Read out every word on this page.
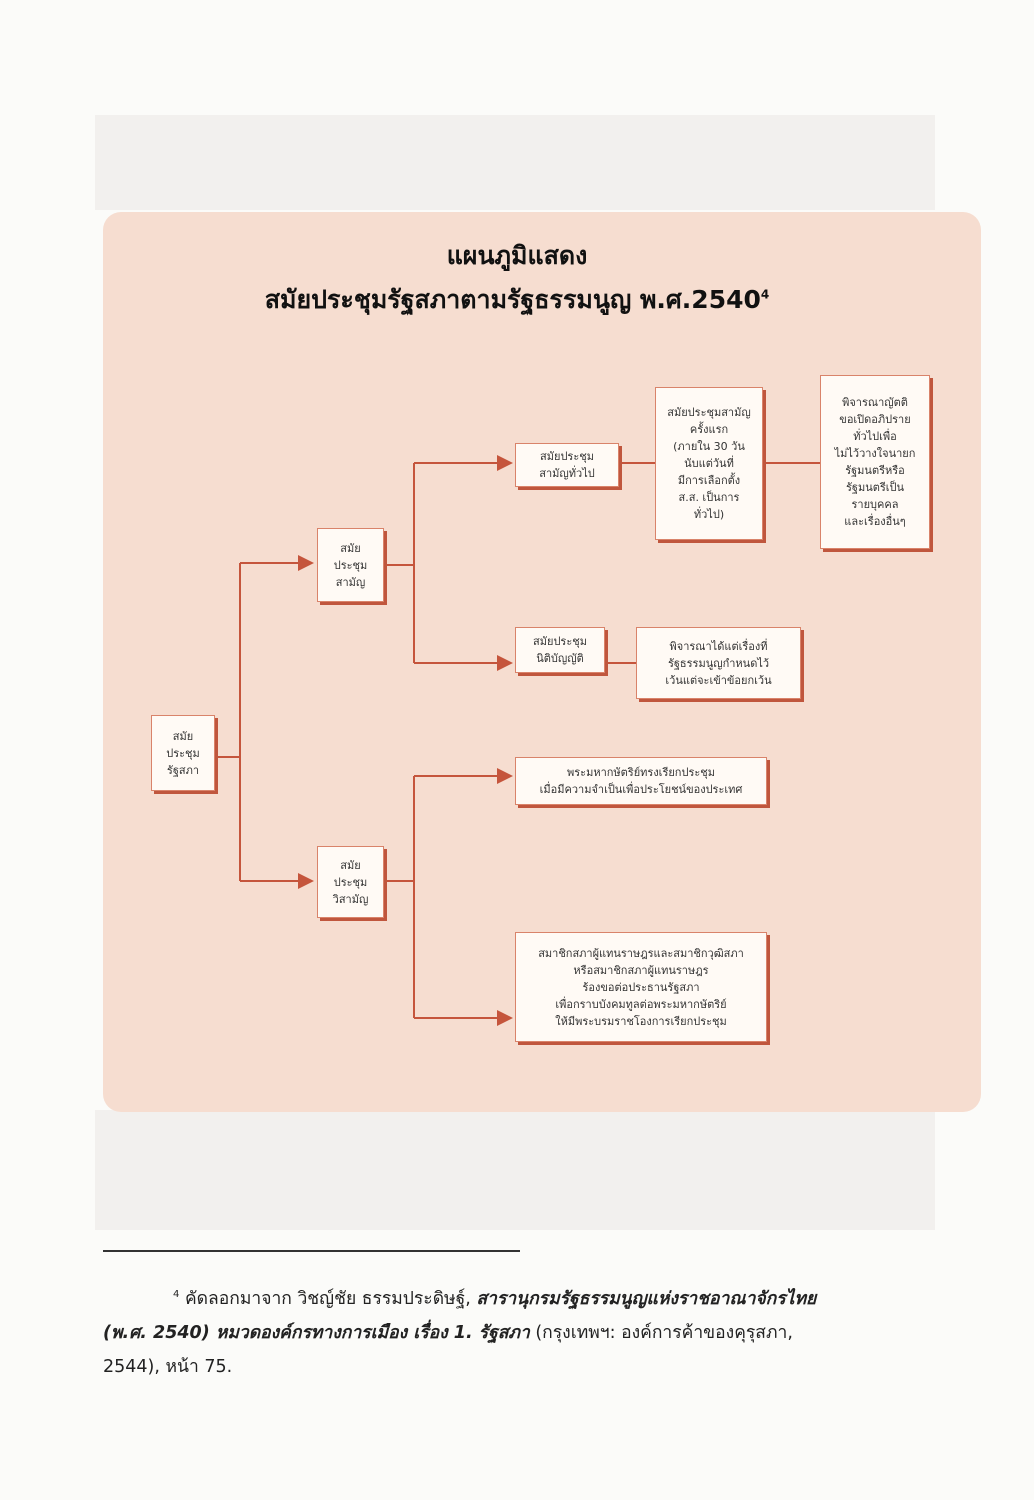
แผนภูมิแสดง
สมัยประชุมรัฐสภาตามรัฐธรรมนูญ พ.ศ.2540$^4$
สมัย
ประชุม
รัฐสภา
สมัย
ประชุม
สามัญ
สมัย
ประชุม
วิสามัญ
สมัยประชุม
สามัญทั่วไป
สมัยประชุม
นิติบัญญัติ
สมัยประชุมสามัญ
ครั้งแรก
(ภายใน 30 วัน
นับแต่วันที่
มีการเลือกตั้ง
ส.ส. เป็นการ
ทั่วไป)
พิจารณาญัตติ
ขอเปิดอภิปราย
ทั่วไปเพื่อ
ไม่ไว้วางใจนายก
รัฐมนตรีหรือ
รัฐมนตรีเป็น
รายบุคคล
และเรื่องอื่นๆ
พิจารณาได้แต่เรื่องที่
รัฐธรรมนูญกำหนดไว้
เว้นแต่จะเข้าข้อยกเว้น
พระมหากษัตริย์ทรงเรียกประชุม
เมื่อมีความจำเป็นเพื่อประโยชน์ของประเทศ
สมาชิกสภาผู้แทนราษฎรและสมาชิกวุฒิสภา
หรือสมาชิกสภาผู้แทนราษฎร
ร้องขอต่อประธานรัฐสภา
เพื่อกราบบังคมทูลต่อพระมหากษัตริย์
ให้มีพระบรมราชโองการเรียกประชุม
$^4$ คัดลอกมาจาก วิชญ์ชัย ธรรมประดิษฐ์, สารานุกรมรัฐธรรมนูญแห่งราชอาณาจักรไทย
(พ.ศ. 2540) หมวดองค์กรทางการเมือง เรื่อง 1. รัฐสภา (กรุงเทพฯ: องค์การค้าของคุรุสภา,
2544), หน้า 75.
